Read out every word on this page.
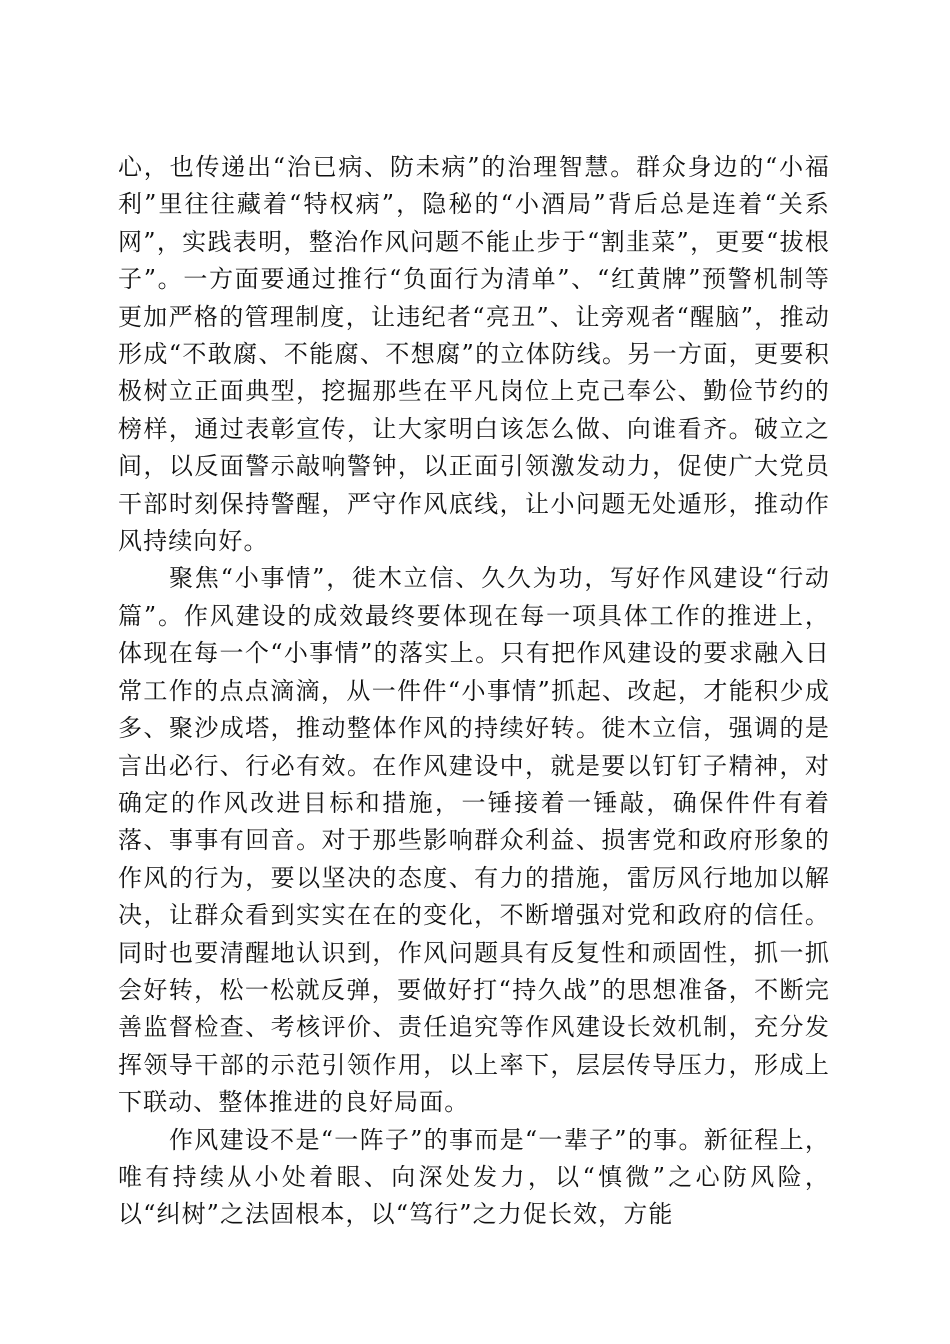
心，也传递出“治已病、防未病”的治理智慧。群众身边的“小福利”里往往藏着“特权病”，隐秘的“小酒局”背后总是连着“关系网”，实践表明，整治作风问题不能止步于“割韭菜”，更要“拔根子”。一方面要通过推行“负面行为清单”、“红黄牌”预警机制等更加严格的管理制度，让违纪者“亮丑”、让旁观者“醒脑”，推动形成“不敢腐、不能腐、不想腐”的立体防线。另一方面，更要积极树立正面典型，挖掘那些在平凡岗位上克己奉公、勤俭节约的榜样，通过表彰宣传，让大家明白该怎么做、向谁看齐。破立之间，以反面警示敲响警钟，以正面引领激发动力，促使广大党员干部时刻保持警醒，严守作风底线，让小问题无处遁形，推动作风持续向好。

聚焦“小事情”，徙木立信、久久为功，写好作风建设“行动篇”。作风建设的成效最终要体现在每一项具体工作的推进上，体现在每一个“小事情”的落实上。只有把作风建设的要求融入日常工作的点点滴滴，从一件件“小事情”抓起、改起，才能积少成多、聚沙成塔，推动整体作风的持续好转。徙木立信，强调的是言出必行、行必有效。在作风建设中，就是要以钉钉子精神，对确定的作风改进目标和措施，一锤接着一锤敲，确保件件有着落、事事有回音。对于那些影响群众利益、损害党和政府形象的作风的行为，要以坚决的态度、有力的措施，雷厉风行地加以解决，让群众看到实实在在的变化，不断增强对党和政府的信任。同时也要清醒地认识到，作风问题具有反复性和顽固性，抓一抓会好转，松一松就反弹，要做好打“持久战”的思想准备，不断完善监督检查、考核评价、责任追究等作风建设长效机制，充分发挥领导干部的示范引领作用，以上率下，层层传导压力，形成上下联动、整体推进的良好局面。

作风建设不是“一阵子”的事而是“一辈子”的事。新征程上，唯有持续从小处着眼、向深处发力，以“慎微”之心防风险，以“纠树”之法固根本，以“笃行”之力促长效，方能
